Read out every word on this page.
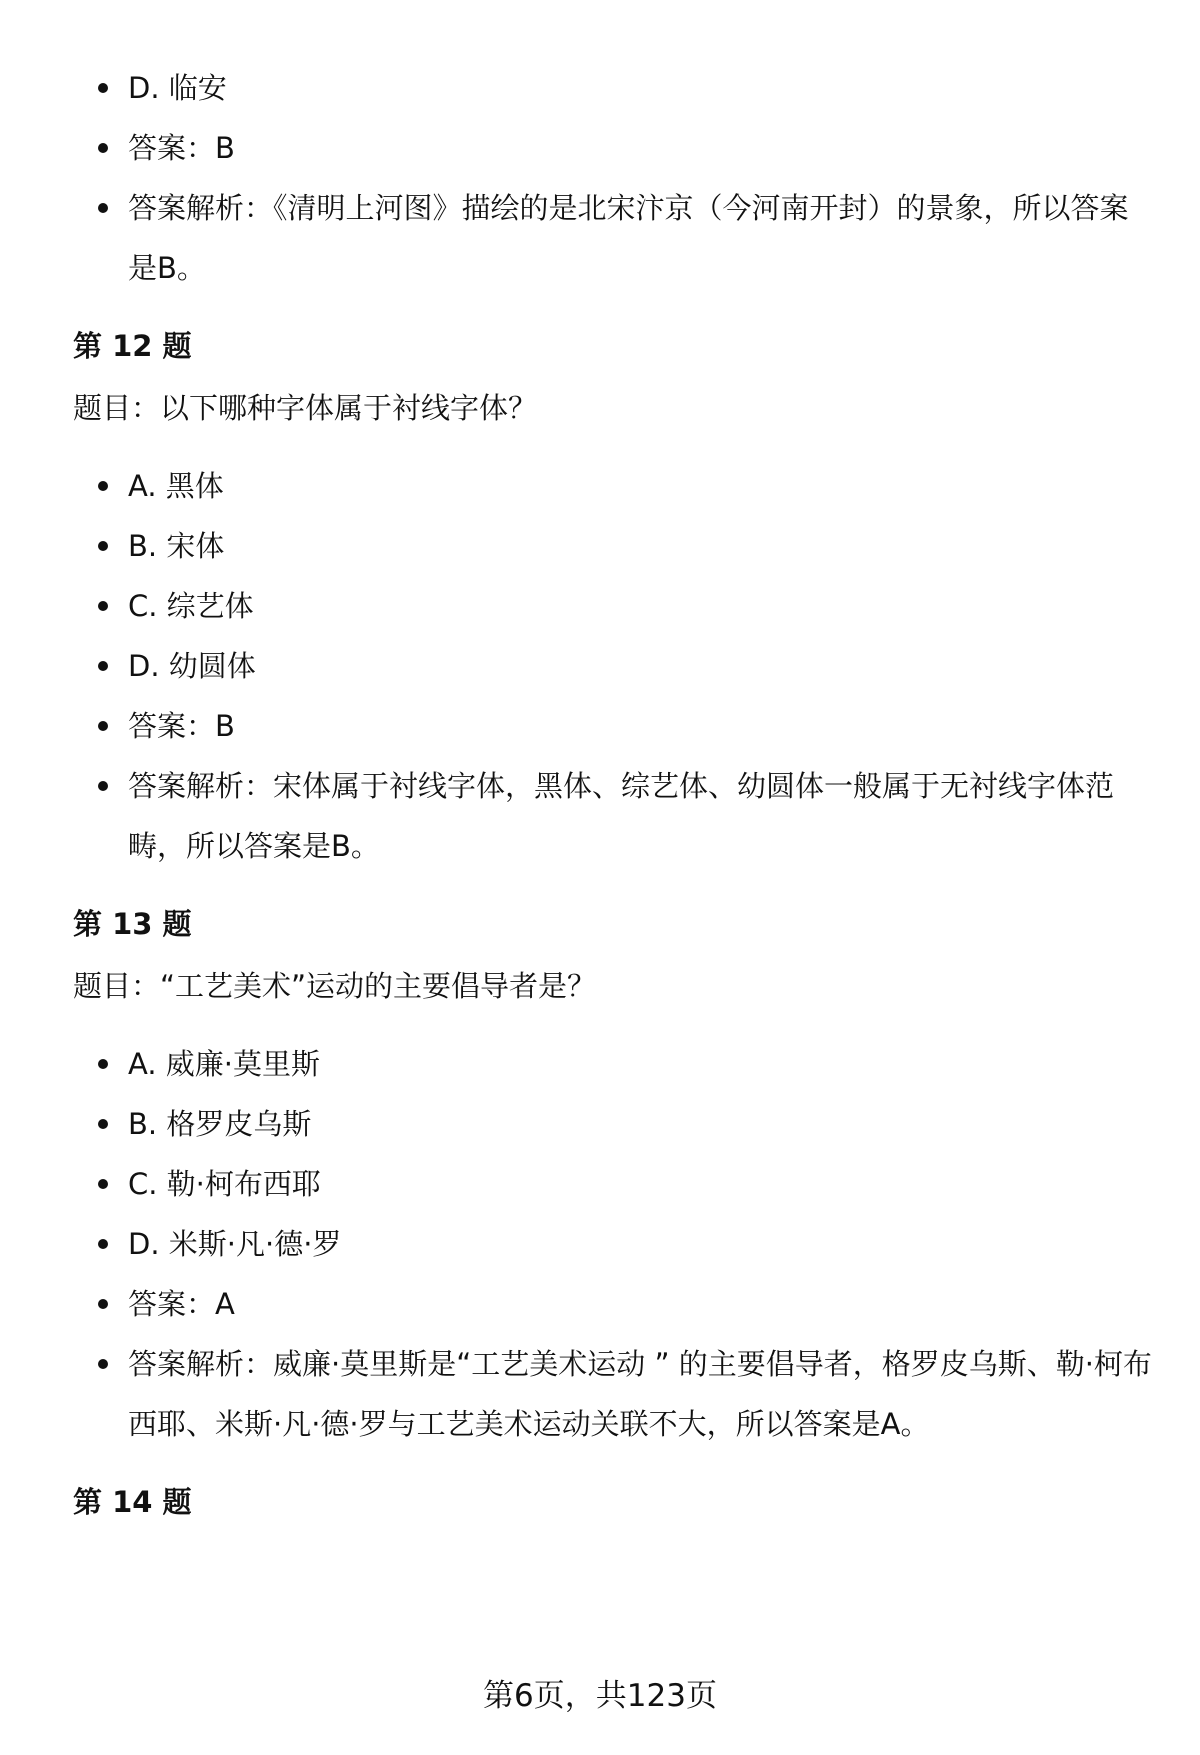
D. 临安
答案：B
答案解析：《清明上河图》描绘的是北宋汴京（今河南开封）的景象，所以答案是B。
第 12 题
题目：以下哪种字体属于衬线字体？
A. 黑体
B. 宋体
C. 综艺体
D. 幼圆体
答案：B
答案解析：宋体属于衬线字体，黑体、综艺体、幼圆体一般属于无衬线字体范畴，所以答案是B。
第 13 题
题目：“工艺美术”运动的主要倡导者是？
A. 威廉·莫里斯
B. 格罗皮乌斯
C. 勒·柯布西耶
D. 米斯·凡·德·罗
答案：A
答案解析：威廉·莫里斯是“工艺美术运动 ” 的主要倡导者，格罗皮乌斯、勒·柯布西耶、米斯·凡·德·罗与工艺美术运动关联不大，所以答案是A。
第 14 题
第6页，共123页
